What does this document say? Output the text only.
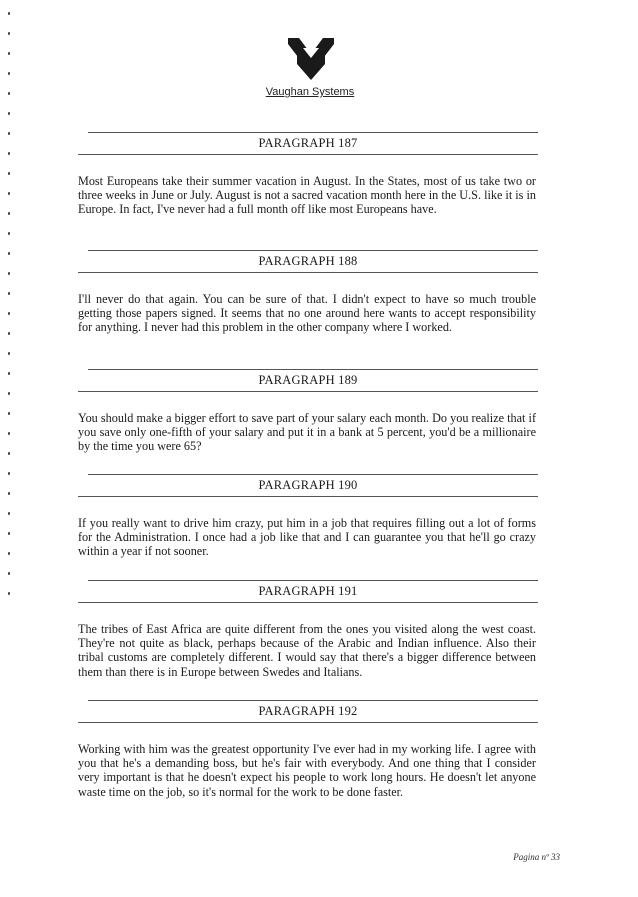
Vaughan Systems
PARAGRAPH 187
Most Europeans take their summer vacation in August. In the States, most of us take two or three weeks in June or July. August is not a sacred vacation month here in the U.S. like it is in Europe. In fact, I've never had a full month off like most Europeans have.
PARAGRAPH 188
I'll never do that again. You can be sure of that. I didn't expect to have so much trouble getting those papers signed. It seems that no one around here wants to accept responsibility for anything. I never had this problem in the other company where I worked.
PARAGRAPH 189
You should make a bigger effort to save part of your salary each month. Do you realize that if you save only one-fifth of your salary and put it in a bank at 5 percent, you'd be a millionaire by the time you were 65?
PARAGRAPH 190
If you really want to drive him crazy, put him in a job that requires filling out a lot of forms for the Administration. I once had a job like that and I can guarantee you that he'll go crazy within a year if not sooner.
PARAGRAPH 191
The tribes of East Africa are quite different from the ones you visited along the west coast. They're not quite as black, perhaps because of the Arabic and Indian influence. Also their tribal customs are completely different. I would say that there's a bigger difference between them than there is in Europe between Swedes and Italians.
PARAGRAPH 192
Working with him was the greatest opportunity I've ever had in my working life. I agree with you that he's a demanding boss, but he's fair with everybody. And one thing that I consider very important is that he doesn't expect his people to work long hours. He doesn't let anyone waste time on the job, so it's normal for the work to be done faster.
Pagina nº 33
